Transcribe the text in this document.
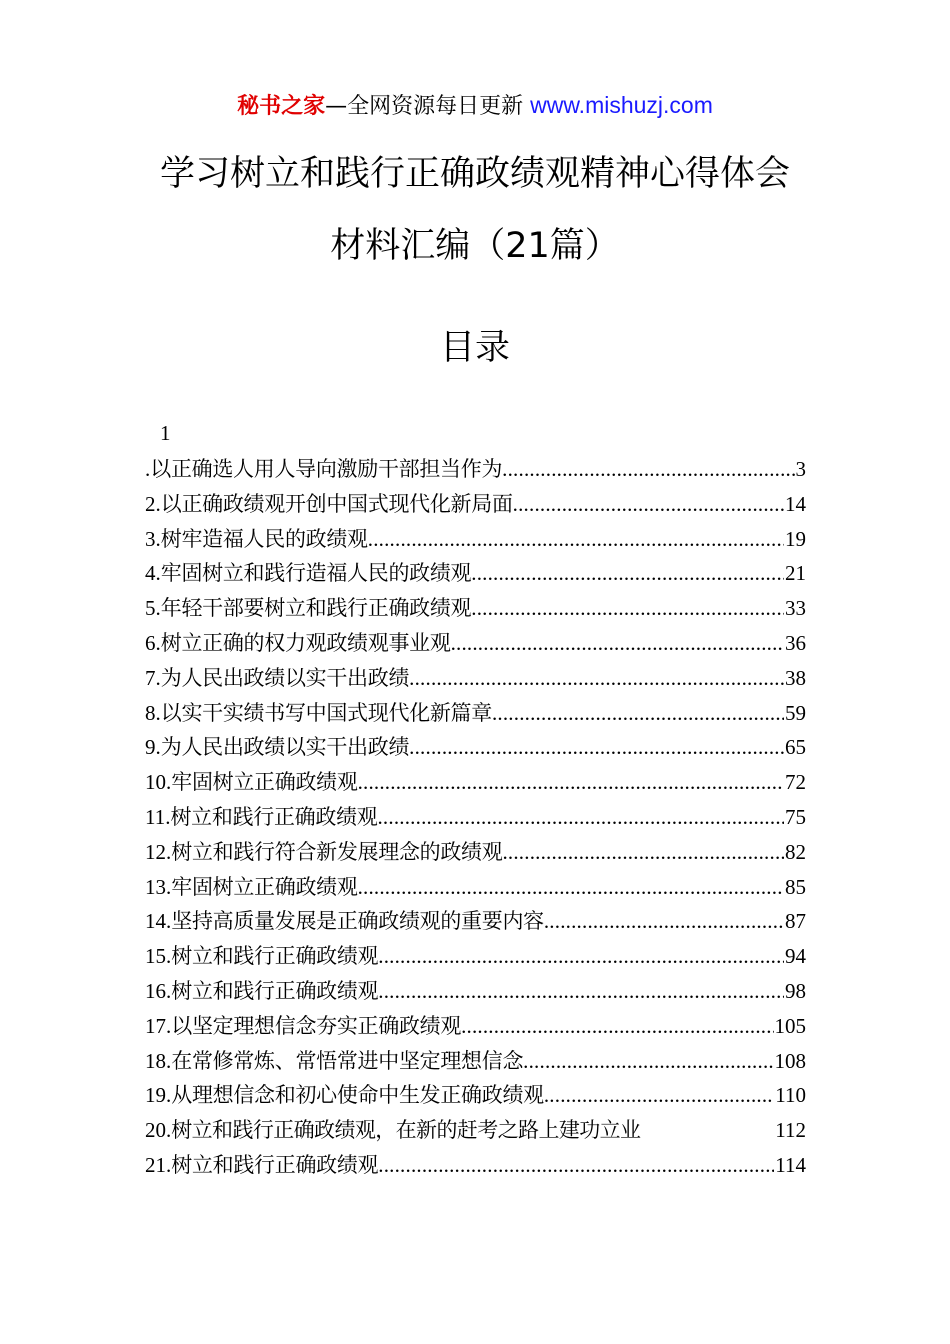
秘书之家—全网资源每日更新 www.mishuzj.com
学习树立和践行正确政绩观精神心得体会
材料汇编（21篇）
目录
1
. 以正确选人用人导向激励干部担当作为 .....	3
2. 以正确政绩观开创中国式现代化新局面 .....	14
3. 树牢造福人民的政绩观 .....	19
4. 牢固树立和践行造福人民的政绩观 .....	21
5. 年轻干部要树立和践行正确政绩观 .....	33
6. 树立正确的权力观政绩观事业观 .....	36
7. 为人民出政绩以实干出政绩 .....	38
8. 以实干实绩书写中国式现代化新篇章 .....	59
9. 为人民出政绩以实干出政绩 .....	65
10. 牢固树立正确政绩观 .....	72
11. 树立和践行正确政绩观 .....	75
12. 树立和践行符合新发展理念的政绩观 .....	82
13. 牢固树立正确政绩观 .....	85
14. 坚持高质量发展是正确政绩观的重要内容 .....	87
15. 树立和践行正确政绩观 .....	94
16. 树立和践行正确政绩观 .....	98
17. 以坚定理想信念夯实正确政绩观 .....	105
18. 在常修常炼、常悟常进中坚定理想信念 .....	108
19. 从理想信念和初心使命中生发正确政绩观 .....	110
20. 树立和践行正确政绩观，在新的赶考之路上建功立业	112
21. 树立和践行正确政绩观 .....	114
